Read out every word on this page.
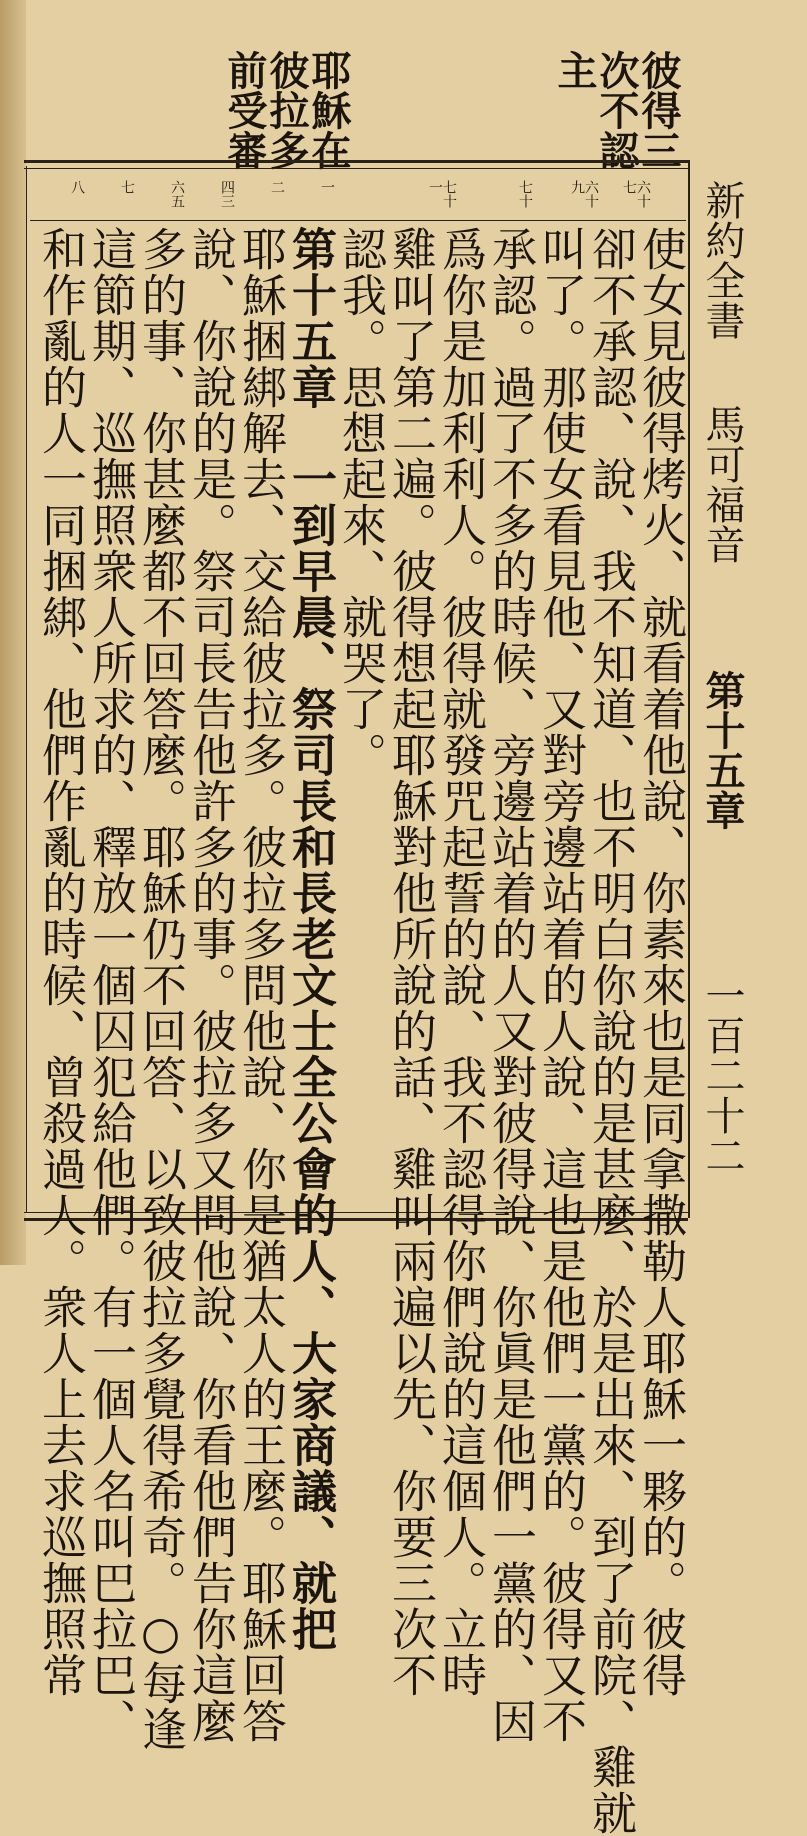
彼得三
次不認
主
耶穌在
彼拉多
前受審
新約全書
馬可福音
第十五章
一百二十二
六十七
六十九
七十
七十一
一
二
四三
六五
七
八
使女見彼得烤火、就看着他說、你素來也是同拿撒勒人耶穌一夥的。彼得
卻不承認、說、我不知道、也不明白你說的是甚麼、於是出來、到了前院、雞就
叫了。那使女看見他、又對旁邊站着的人說、這也是他們一黨的。彼得又不
承認。過了不多的時候、旁邊站着的人又對彼得說、你眞是他們一黨的、因
爲你是加利利人。彼得就發咒起誓的說、我不認得你們說的這個人。立時
雞叫了第二遍。彼得想起耶穌對他所說的話、雞叫兩遍以先、你要三次不
認我。思想起來、就哭了。
第十五章　一到早晨、祭司長和長老文士全公會的人、大家商議、就把
耶穌捆綁解去、交給彼拉多。彼拉多問他說、你是猶太人的王麼。耶穌回答
說、你說的是。祭司長告他許多的事。彼拉多又問他說、你看他們告你這麼
多的事、你甚麼都不回答麼。耶穌仍不回答、以致彼拉多覺得希奇。○每逢
這節期、巡撫照衆人所求的、釋放一個囚犯給他們。有一個人名叫巴拉巴、
和作亂的人一同捆綁、他們作亂的時候、曾殺過人。衆人上去求巡撫照常
